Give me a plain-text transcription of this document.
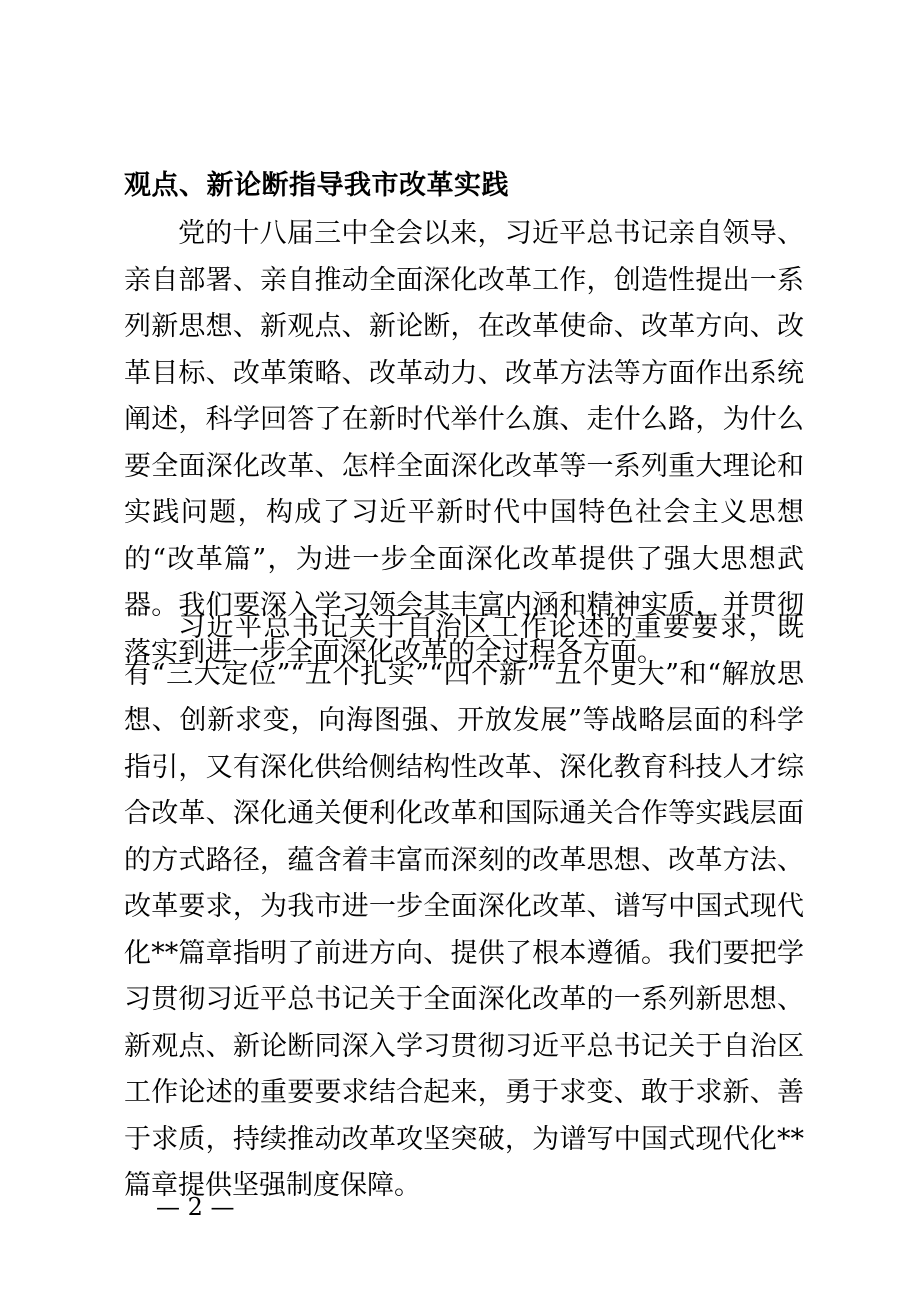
观点、新论断指导我市改革实践

党的十八届三中全会以来，习近平总书记亲自领导、亲自部署、亲自推动全面深化改革工作，创造性提出一系列新思想、新观点、新论断，在改革使命、改革方向、改革目标、改革策略、改革动力、改革方法等方面作出系统阐述，科学回答了在新时代举什么旗、走什么路，为什么要全面深化改革、怎样全面深化改革等一系列重大理论和实践问题，构成了习近平新时代中国特色社会主义思想的“改革篇”，为进一步全面深化改革提供了强大思想武器。我们要深入学习领会其丰富内涵和精神实质，并贯彻落实到进一步全面深化改革的全过程各方面。

习近平总书记关于自治区工作论述的重要要求，既有“三大定位”“五个扎实”“四个新”“五个更大”和“解放思想、创新求变，向海图强、开放发展”等战略层面的科学指引，又有深化供给侧结构性改革、深化教育科技人才综合改革、深化通关便利化改革和国际通关合作等实践层面的方式路径，蕴含着丰富而深刻的改革思想、改革方法、改革要求，为我市进一步全面深化改革、谱写中国式现代化**篇章指明了前进方向、提供了根本遵循。我们要把学习贯彻习近平总书记关于全面深化改革的一系列新思想、新观点、新论断同深入学习贯彻习近平总书记关于自治区工作论述的重要要求结合起来，勇于求变、敢于求新、善于求质，持续推动改革攻坚突破，为谱写中国式现代化**篇章提供坚强制度保障。

— 2 —
